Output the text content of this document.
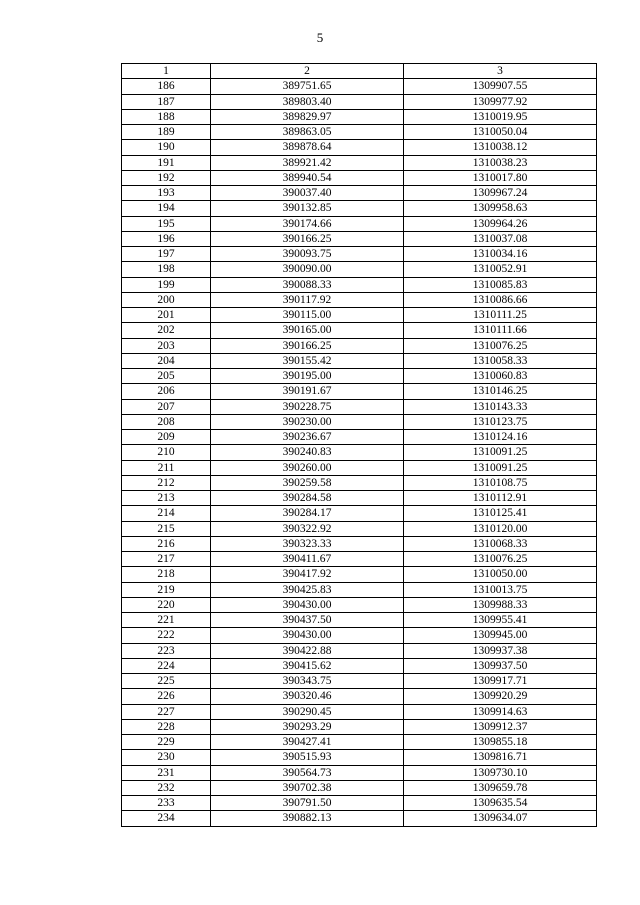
5
1	2	3
186	389751.65	1309907.55
187	389803.40	1309977.92
188	389829.97	1310019.95
189	389863.05	1310050.04
190	389878.64	1310038.12
191	389921.42	1310038.23
192	389940.54	1310017.80
193	390037.40	1309967.24
194	390132.85	1309958.63
195	390174.66	1309964.26
196	390166.25	1310037.08
197	390093.75	1310034.16
198	390090.00	1310052.91
199	390088.33	1310085.83
200	390117.92	1310086.66
201	390115.00	1310111.25
202	390165.00	1310111.66
203	390166.25	1310076.25
204	390155.42	1310058.33
205	390195.00	1310060.83
206	390191.67	1310146.25
207	390228.75	1310143.33
208	390230.00	1310123.75
209	390236.67	1310124.16
210	390240.83	1310091.25
211	390260.00	1310091.25
212	390259.58	1310108.75
213	390284.58	1310112.91
214	390284.17	1310125.41
215	390322.92	1310120.00
216	390323.33	1310068.33
217	390411.67	1310076.25
218	390417.92	1310050.00
219	390425.83	1310013.75
220	390430.00	1309988.33
221	390437.50	1309955.41
222	390430.00	1309945.00
223	390422.88	1309937.38
224	390415.62	1309937.50
225	390343.75	1309917.71
226	390320.46	1309920.29
227	390290.45	1309914.63
228	390293.29	1309912.37
229	390427.41	1309855.18
230	390515.93	1309816.71
231	390564.73	1309730.10
232	390702.38	1309659.78
233	390791.50	1309635.54
234	390882.13	1309634.07
